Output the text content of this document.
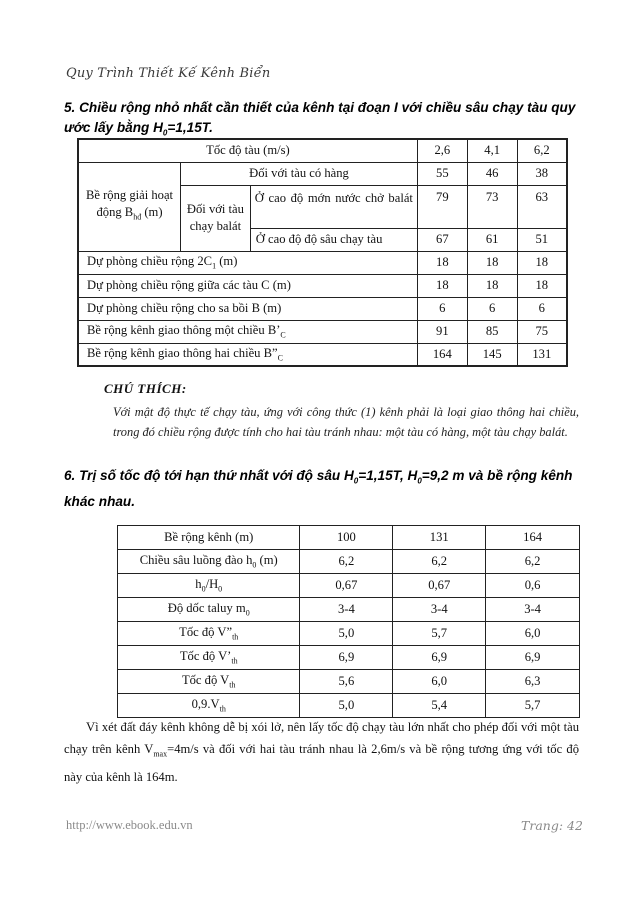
Quy Trình Thiết Kế Kênh Biển
5. Chiều rộng nhỏ nhất cần thiết của kênh tại đoạn I với chiều sâu chạy tàu quy ước lấy bằng $H_0=1,15T$.
Tốc độ tàu (m/s)			2,6	4,1	6,2
Bề rộng giải hoạt động $B_{hđ}$ (m)	Đối với tàu có hàng		55	46	38
	Đối với tàu chạy balát	Ở cao độ mớn nước chở balát	79	73	63
		Ở cao độ độ sâu chạy tàu	67	61	51
Dự phòng chiều rộng $2C_1$ (m)			18	18	18
Dự phòng chiều rộng giữa các tàu C (m)			18	18	18
Dự phòng chiều rộng cho sa bồi B (m)			6	6	6
Bề rộng kênh giao thông một chiều $B’_C$			91	85	75
Bề rộng kênh giao thông hai chiều $B”_C$			164	145	131
CHÚ THÍCH:
Với mật độ thực tế chạy tàu, ứng với công thức (1) kênh phải là loại giao thông hai chiều, trong đó chiều rộng được tính cho hai tàu tránh nhau: một tàu có hàng, một tàu chạy balát.
6. Trị số tốc độ tới hạn thứ nhất với độ sâu $H_0=1,15T$, $H_0=9,2$ m và bề rộng kênh khác nhau.
Bề rộng kênh (m)	100	131	164
Chiều sâu luồng đào $h_0$ (m)	6,2	6,2	6,2
$h_0/H_0$	0,67	0,67	0,6
Độ dốc taluy $m_0$	3-4	3-4	3-4
Tốc độ $V”_{th}$	5,0	5,7	6,0
Tốc độ $V’_{th}$	6,9	6,9	6,9
Tốc độ $V_{th}$	5,6	6,0	6,3
$0,9.V_{th}$	5,0	5,4	5,7
Vì xét đất đáy kênh không dễ bị xói lở, nên lấy tốc độ chạy tàu lớn nhất cho phép đối với một tàu chạy trên kênh $V_{max}=4m/s$ và đối với hai tàu tránh nhau là 2,6m/s và bề rộng tương ứng với tốc độ này của kênh là 164m.
http://www.ebook.edu.vn	Trang: 42
